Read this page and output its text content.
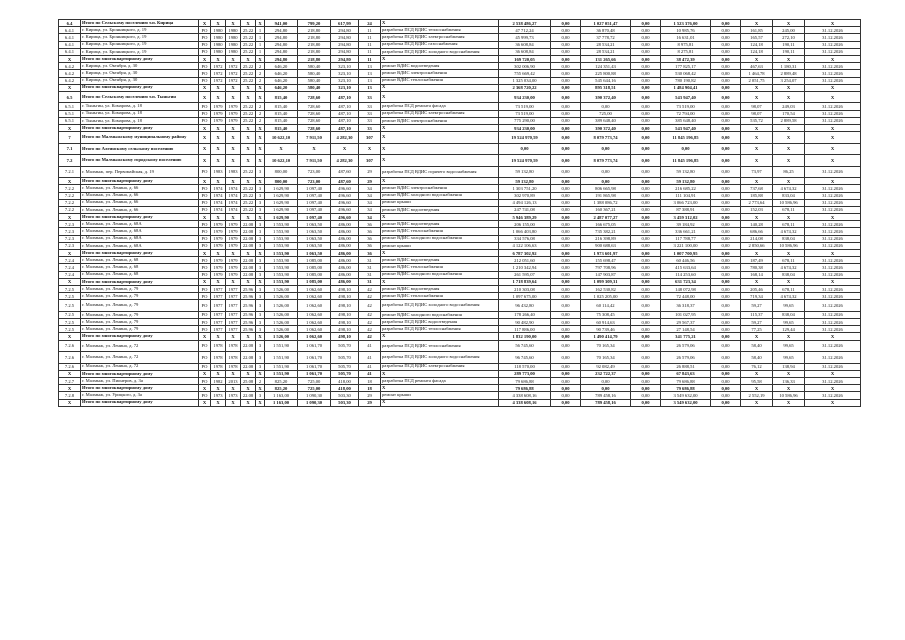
6.4	Итого по Сельскому поселению т.п. Кирица	X	X	X	X	X	941,00	799,20	617,99	24	X	2 538 486,27	0,00	1 027 051,47	0,00	1 523 376,00	0,00	X	X	X
6.4.1	г. Кирица, ул. Бронницкого, д. 19	РО	1980	1980	25.22	1	294,80	218,80	294,80	11	разработка ПСД ВДИС теплоснабжения	47 712,24	0,00	36 870,48	0,00	10 985,76	0,00	161,85	245,00	31.12.2026
6.4.1	г. Кирица, ул. Бронницкого, д. 19	РО	1980	1980	25.22	1	294,80	218,80	294,80	11	разработка ПСД ВДИС электроснабжения	45 999,73	0,00	37 778,72	0,00	16 631,01	0,00	165,57	272,10	31.12.2026
6.4.1	г. Кирица, ул. Бронницкого, д. 19	РО	1980	1980	25.22	1	294,80	218,80	294,80	11	разработка ПСД ВДИС газоснабжения	36 608,84	0,00	28 534,21	0,00	8 975,81	0,00	124,18	190,11	31.12.2026
6.4.1	г. Кирица, ул. Бронницкого, д. 19	РО	1980	1980	25.22	1	294,80	218,80	294,80	11	разработка ПСД ВДИС холодного водоснабжения	36 608,84	0,00	28 534,21	0,00	8 275,81	0,00	124,18	190,11	31.12.2026
X	Итого по многоквартирному дому	X	X	X	X	X	294,80	218,80	294,80	11	X	169 720,05	0,00	131 265,66	0,00	38 472,39	0,00	X	X	X
6.4.2	г. Кирица, ул. Октября, д. 30	РО	1972	1972	25.22	2	646,20	580,40	323,10	13	ремонт ВДИС водоотведения	302 006,90	0,00	124 351,43	0,00	177 825,17	0,00	467,63	1 180,31	31.12.2026
6.4.2	г. Кирица, ул. Октября, д. 30	РО	1972	1972	25.22	2	646,20	580,40	323,10	13	ремонт ВДИС электроснабжения	755 669,42	0,00	225 800,88	0,00	530 068,42	0,00	1 464,78	2 889,48	31.12.2026
6.4.2	г. Кирица, ул. Октября, д. 30	РО	1972	1972	25.22	2	646,20	580,40	323,10	13	ремонт ВДИС теплоснабжения	1 325 034,00	0,00	545 644,16	0,00	780 190,82	0,00	2 051,75	3 254,07	31.12.2026
X	Итого по многоквартирному дому	X	X	X	X	X	646,20	580,40	323,10	13	X	2 368 720,22	0,00	895 318,51	0,00	1 484 904,41	0,00	X	X	X
6.5	Итого по Сельскому поселению т.п. Тыньгин	X	X	X	X	X	815,40	728,60	487,10	33	X	934 230,00	0,00	390 372,40	0,00	543 947,40	0,00	X	X	X
6.5.1	г. Тыньгин, ул. Комарова, д. 18	РО	1979	1979	25.22	2	815,40	728,60	487,10	33	разработка ПСД ремонта фасада	73 519,00	0,00	0,00	0,00	73 519,00	0,00	98,07	249,03	31.12.2026
6.5.1	г. Тыньгин, ул. Комарова, д. 18	РО	1979	1979	25.22	2	815,40	728,60	487,10	33	разработка ПСД ВДИС электроснабжения	73 519,00	0,00	725,00	0,00	72 794,00	0,00	98,07	170,54	31.12.2026
6.5.1	г. Тыньгин, ул. Комарова, д. 18	РО	1979	1979	25.22	2	815,40	728,60	487,10	33	ремонт ВДИС электроснабжения	775 290,00	0,00	389 648,40	0,00	385 648,40	0,00	535,72	2 889,58	31.12.2026
X	Итого по многоквартирному дому	X	X	X	X	X	815,40	728,60	487,10	33	X	934 230,00	0,00	390 372,40	0,00	543 947,40	0,00	X	X	X
7	Итого по Малмыжскому муниципальному району	X	X	X	X	X	10 622,10	7 911,50	4 282,30	307	X	19 524 970,59	0,00	8 079 773,74	0,00	11 845 196,85	0,00	X	X	X
7.1	Итого по Алгинскому сельскому поселению	X	X	X	X	X	X	X	X	X	X	0,00	0,00	0,00	0,00	0,00	0,00	X	X	X
7.2	Итого по Малмыжскому городскому поселению	X	X	X	X	X	10 622,10	7 911,50	4 282,30	307	X	19 524 970,59	0,00	8 079 773,74	0,00	11 845 196,85	0,00	X	X	X
7.2.1	г. Малмыж, пер. Первомайская, д. 19	РО	1983	1983	25.22	3	800,00	723,00	487,60	29	разработка ПСД ВДИС горячего водоснабжения	59 132,80	0,00	0,00	0,00	59 132,80	0,00	73,97	86,25	31.12.2026
X	Итого по многоквартирному дому	X	X	X	X	X	800,00	723,00	487,60	29	X	59 132,80	0,00	0,00	0,00	59 132,80	0,00	X	X	X
7.2.2	г. Малмыж, ул. Ленина, д. 66	РО	1974	1974	25.22	3	1 629,90	1 097,40	496,60	34	ремонт ВДИС электроснабжения	1 303 751,20	0,00	806 665,98	0,00	216 685,22	0,00	737,68	4 674,32	31.12.2026
7.2.2	г. Малмыж, ул. Ленина, д. 66	РО	1974	1974	25.22	3	1 629,90	1 097,40	496,60	34	ремонт ВДИС холодного водоснабжения	302 970,89	0,00	191 865,98	0,00	111 104,91	0,00	185,88	833,04	31.12.2026
7.2.2	г. Малмыж, ул. Ленина, д. 66	РО	1974	1974	25.22	3	1 629,90	1 097,40	496,60	34	ремонт крыши	4 494 126,13	0,00	1 388 086,72	0,00	3 066 723,00	0,00	2 773,64	10 586,96	31.12.2026
7.2.2	г. Малмыж, ул. Ленина, д. 66	РО	1974	1974	25.22	3	1 629,90	1 097,40	496,60	34	ремонт ВДИС водоотведения	247 741,08	0,00	160 367,21	0,00	87 388,91	0,00	152,03	678,11	31.12.2026
X	Итого по многоквартирному дому	X	X	X	X	X	1 629,90	1 097,40	496,60	34	X	5 946 389,29	0,00	2 487 077,27	0,00	3 459 312,02	0,00	X	X	X
7.2.3	г. Малмыж, ул. Ленина, д. 68А	РО	1979	1979	22.08	3	1 553,90	1 063,50	486,00	36	ремонт ВДИС водоотведения	206 155,00	0,00	166 675,05	0,00	39 184,92	0,00	140,28	678,11	31.12.2026
7.2.3	г. Малмыж, ул. Ленина, д. 68А	РО	1979	1979	22.08	3	1 553,90	1 063,50	486,00	36	ремонт ВДИС теплоснабжения	1 066 403,80	0,00	735 382,21	0,00	336 661,21	0,00	686,66	4 674,32	31.12.2026
7.2.3	г. Малмыж, ул. Ленина, д. 68А	РО	1979	1979	22.08	3	1 553,90	1 063,50	486,00	36	ремонт ВДИС холодного водоснабжения	334 576,08	0,00	216 398,89	0,00	117 788,77	0,00	214,08	838,04	31.12.2026
7.2.3	г. Малмыж, ул. Ленина, д. 68А	РО	1979	1979	22.08	3	1 553,90	1 063,50	486,00	36	ремонт крыши	4 122 106,63	0,00	900 688,63	0,00	3 221 100,00	0,00	2 850,66	10 586,96	31.12.2026
X	Итого по многоквартирному дому	X	X	X	X	X	1 553,90	1 063,50	486,00	36	X	6 787 302,92	0,00	1 973 601,97	0,00	1 007 700,95	0,00	X	X	X
7.2.4	г. Малмыж, ул. Ленина, д. 68	РО	1979	1979	22.08	3	1 553,90	1 085,00	486,00	31	ремонт ВДИС водоотведения	212 051,60	0,00	155 698,47	0,00	60 446,56	0,00	187,49	678,11	31.12.2026
7.2.4	г. Малмыж, ул. Ленина, д. 68	РО	1979	1979	22.08	3	1 553,90	1 085,00	486,00	31	ремонт ВДИС теплоснабжения	1 210 342,94	0,00	797 708,96	0,00	415 633,64	0,00	780,38	4 674,32	31.12.2026
7.2.4	г. Малмыж, ул. Ленина, д. 68	РО	1979	1979	22.08	3	1 553,90	1 085,00	486,00	31	ремонт ВДИС холодного водоснабжения	261 595,07	0,00	147 903,87	0,00	114 253,60	0,00	168,14	838,04	31.12.2026
X	Итого по многоквартирному дому	X	X	X	X	X	1 553,90	1 085,00	486,00	31	X	1 718 839,64	0,00	1 099 309,31	0,00	631 723,34	0,00	X	X	X
7.2.5	г. Малмыж, ул. Ленина, д. 79	РО	1977	1977	25.96	3	1 526,00	1 062,60	498,10	42	ремонт ВДИС водоотведения	210 303,08	0,00	162 530,82	0,00	148 072,98	0,00	205,46	678,11	31.12.2026
7.2.5	г. Малмыж, ул. Ленина, д. 79	РО	1977	1977	25.96	3	1 526,00	1 062,60	498,10	42	ремонт ВДИС теплоснабжения	1 097 675,00	0,00	1 025 205,00	0,00	72 448,00	0,00	719,34	4 674,32	31.12.2026
7.2.5	г. Малмыж, ул. Ленина, д. 79	РО	1977	1977	25.96	3	1 526,00	1 062,60	498,10	42	разработка ПСД ВДИС холодного водоснабжения	96 432,80	0,00	60 114,42	0,00	36 318,37	0,00	59,27	99,65	31.12.2026
7.2.5	г. Малмыж, ул. Ленина, д. 79	РО	1977	1977	25.96	3	1 526,00	1 062,60	498,10	42	ремонт ВДИС холодного водоснабжения	178 266,40	0,00	75 308,45	0,00	101 027,95	0,00	115,37	838,04	31.12.2026
7.2.5	г. Малмыж, ул. Ленина, д. 79	РО	1977	1977	25.96	3	1 526,00	1 062,60	498,10	42	разработка ПСД ВДИС водоотведения	90 482,90	0,00	60 914,63	0,00	29 567,37	0,00	59,27	99,65	31.12.2026
7.2.5	г. Малмыж, ул. Ленина, д. 79	РО	1977	1977	25.96	3	1 526,00	1 062,60	498,10	42	разработка ПСД ВДИС теплоснабжения	117 886,00	0,00	90 739,46	0,00	27 148,54	0,00	77,25	129,44	31.12.2026
X	Итого по многоквартирному дому	X	X	X	X	X	1 526,00	1 062,60	498,10	42	X	1 832 190,00	0,00	1 490 414,79	0,00	341 775,21	0,00	X	X	X
7.2.6	г. Малмыж, ул. Ленина, д. 72	РО	1978	1978	22.08	3	1 551,90	1 061,70	505,70	41	разработка ПСД ВДИС теплоснабжения	56 745,60	0,00	70 165,34	0,00	26 579,06	0,00	58,40	99,65	31.12.2026
7.2.6	г. Малмыж, ул. Ленина, д. 72	РО	1978	1978	22.08	3	1 551,90	1 061,70	505,70	41	разработка ПСД ВДИС холодного водоснабжения	96 745,60	0,00	70 165,34	0,00	26 579,06	0,00	58,40	99,65	31.12.2026
7.2.6	г. Малмыж, ул. Ленина, д. 72	РО	1978	1978	22.08	3	1 551,90	1 061,70	505,70	41	разработка ПСД ВДИС электроснабжения	118 570,00	0,00	92 082,49	0,00	26 888,51	0,00	76,12	138,94	31.12.2026
X	Итого по многоквартирному дому	X	X	X	X	X	1 551,90	1 061,70	505,70	41	X	289 773,00	0,00	232 722,37	0,00	67 843,63	0,00	X	X	X
7.2.7	г. Малмыж, ул. Пионеров, д. 3а	РО	1982	2013	25.08	2	825,20	725,00	418,00	18	разработка ПСД ремонта фасада	79 686,88	0,00	0,00	0,00	79 686,88	0,00	95,58	136,33	31.12.2026
X	Итого по многоквартирному дому	X	X	X	X	X	825,20	725,00	418,00	18	X	79 686,88	0,00	0,00	0,00	79 686,88	0,00	X	X	X
7.2.8	г. Малмыж, ул. Урицкого, д. 3а	РО	1973	1973	22.08	3	1 163,00	1 090,30	503,30	29	ремонт крыши	4 338 608,16	0,00	789 458,16	0,00	3 549 632,00	0,00	2 552,19	10 586,96	31.12.2026
X	Итого по многоквартирному дому	X	X	X	X	X	1 163,00	1 090,30	503,30	29	X	4 338 608,16	0,00	789 458,16	0,00	3 549 632,00	0,00	X	X	X
